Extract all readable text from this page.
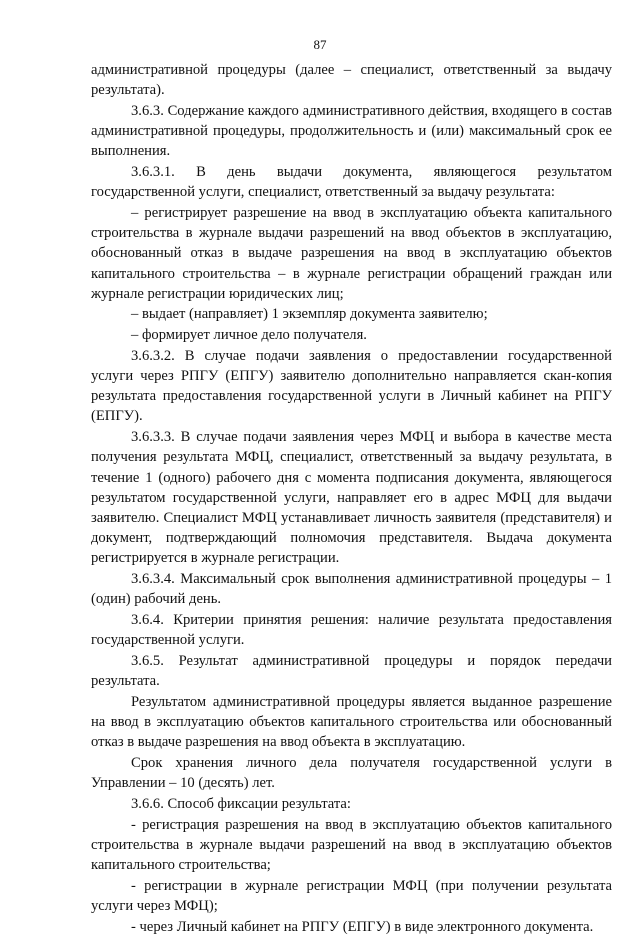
87

административной процедуры (далее – специалист, ответственный за выдачу результата).

3.6.3. Содержание каждого административного действия, входящего в состав административной процедуры, продолжительность и (или) максимальный срок ее выполнения.

3.6.3.1. В день выдачи документа, являющегося результатом государственной услуги, специалист, ответственный за выдачу результата:

– регистрирует разрешение на ввод в эксплуатацию объекта капитального строительства в журнале выдачи разрешений на ввод объектов в эксплуатацию, обоснованный отказ в выдаче разрешения на ввод в эксплуатацию объектов капитального строительства – в журнале регистрации обращений граждан или журнале регистрации юридических лиц;

– выдает (направляет) 1 экземпляр документа заявителю;

– формирует личное дело получателя.

3.6.3.2. В случае подачи заявления о предоставлении государственной услуги через РПГУ (ЕПГУ) заявителю дополнительно направляется скан-копия результата предоставления государственной услуги в Личный кабинет на РПГУ (ЕПГУ).

3.6.3.3. В случае подачи заявления через МФЦ и выбора в качестве места получения результата МФЦ, специалист, ответственный за выдачу результата, в течение 1 (одного) рабочего дня с момента подписания документа, являющегося результатом государственной услуги, направляет его в адрес МФЦ для выдачи заявителю. Специалист МФЦ устанавливает личность заявителя (представителя) и документ, подтверждающий полномочия представителя. Выдача документа регистрируется в журнале регистрации.

3.6.3.4. Максимальный срок выполнения административной процедуры – 1 (один) рабочий день.

3.6.4. Критерии принятия решения: наличие результата предоставления государственной услуги.

3.6.5. Результат административной процедуры и порядок передачи результата.

Результатом административной процедуры является выданное разрешение на ввод в эксплуатацию объектов капитального строительства или обоснованный отказ в выдаче разрешения на ввод объекта в эксплуатацию.

Срок хранения личного дела получателя государственной услуги в Управлении – 10 (десять) лет.

3.6.6. Способ фиксации результата:

- регистрация разрешения на ввод в эксплуатацию объектов капитального строительства в журнале выдачи разрешений на ввод в эксплуатацию объектов капитального строительства;

- регистрации в журнале регистрации МФЦ (при получении результата услуги через МФЦ);

- через Личный кабинет на РПГУ (ЕПГУ) в виде электронного документа.
